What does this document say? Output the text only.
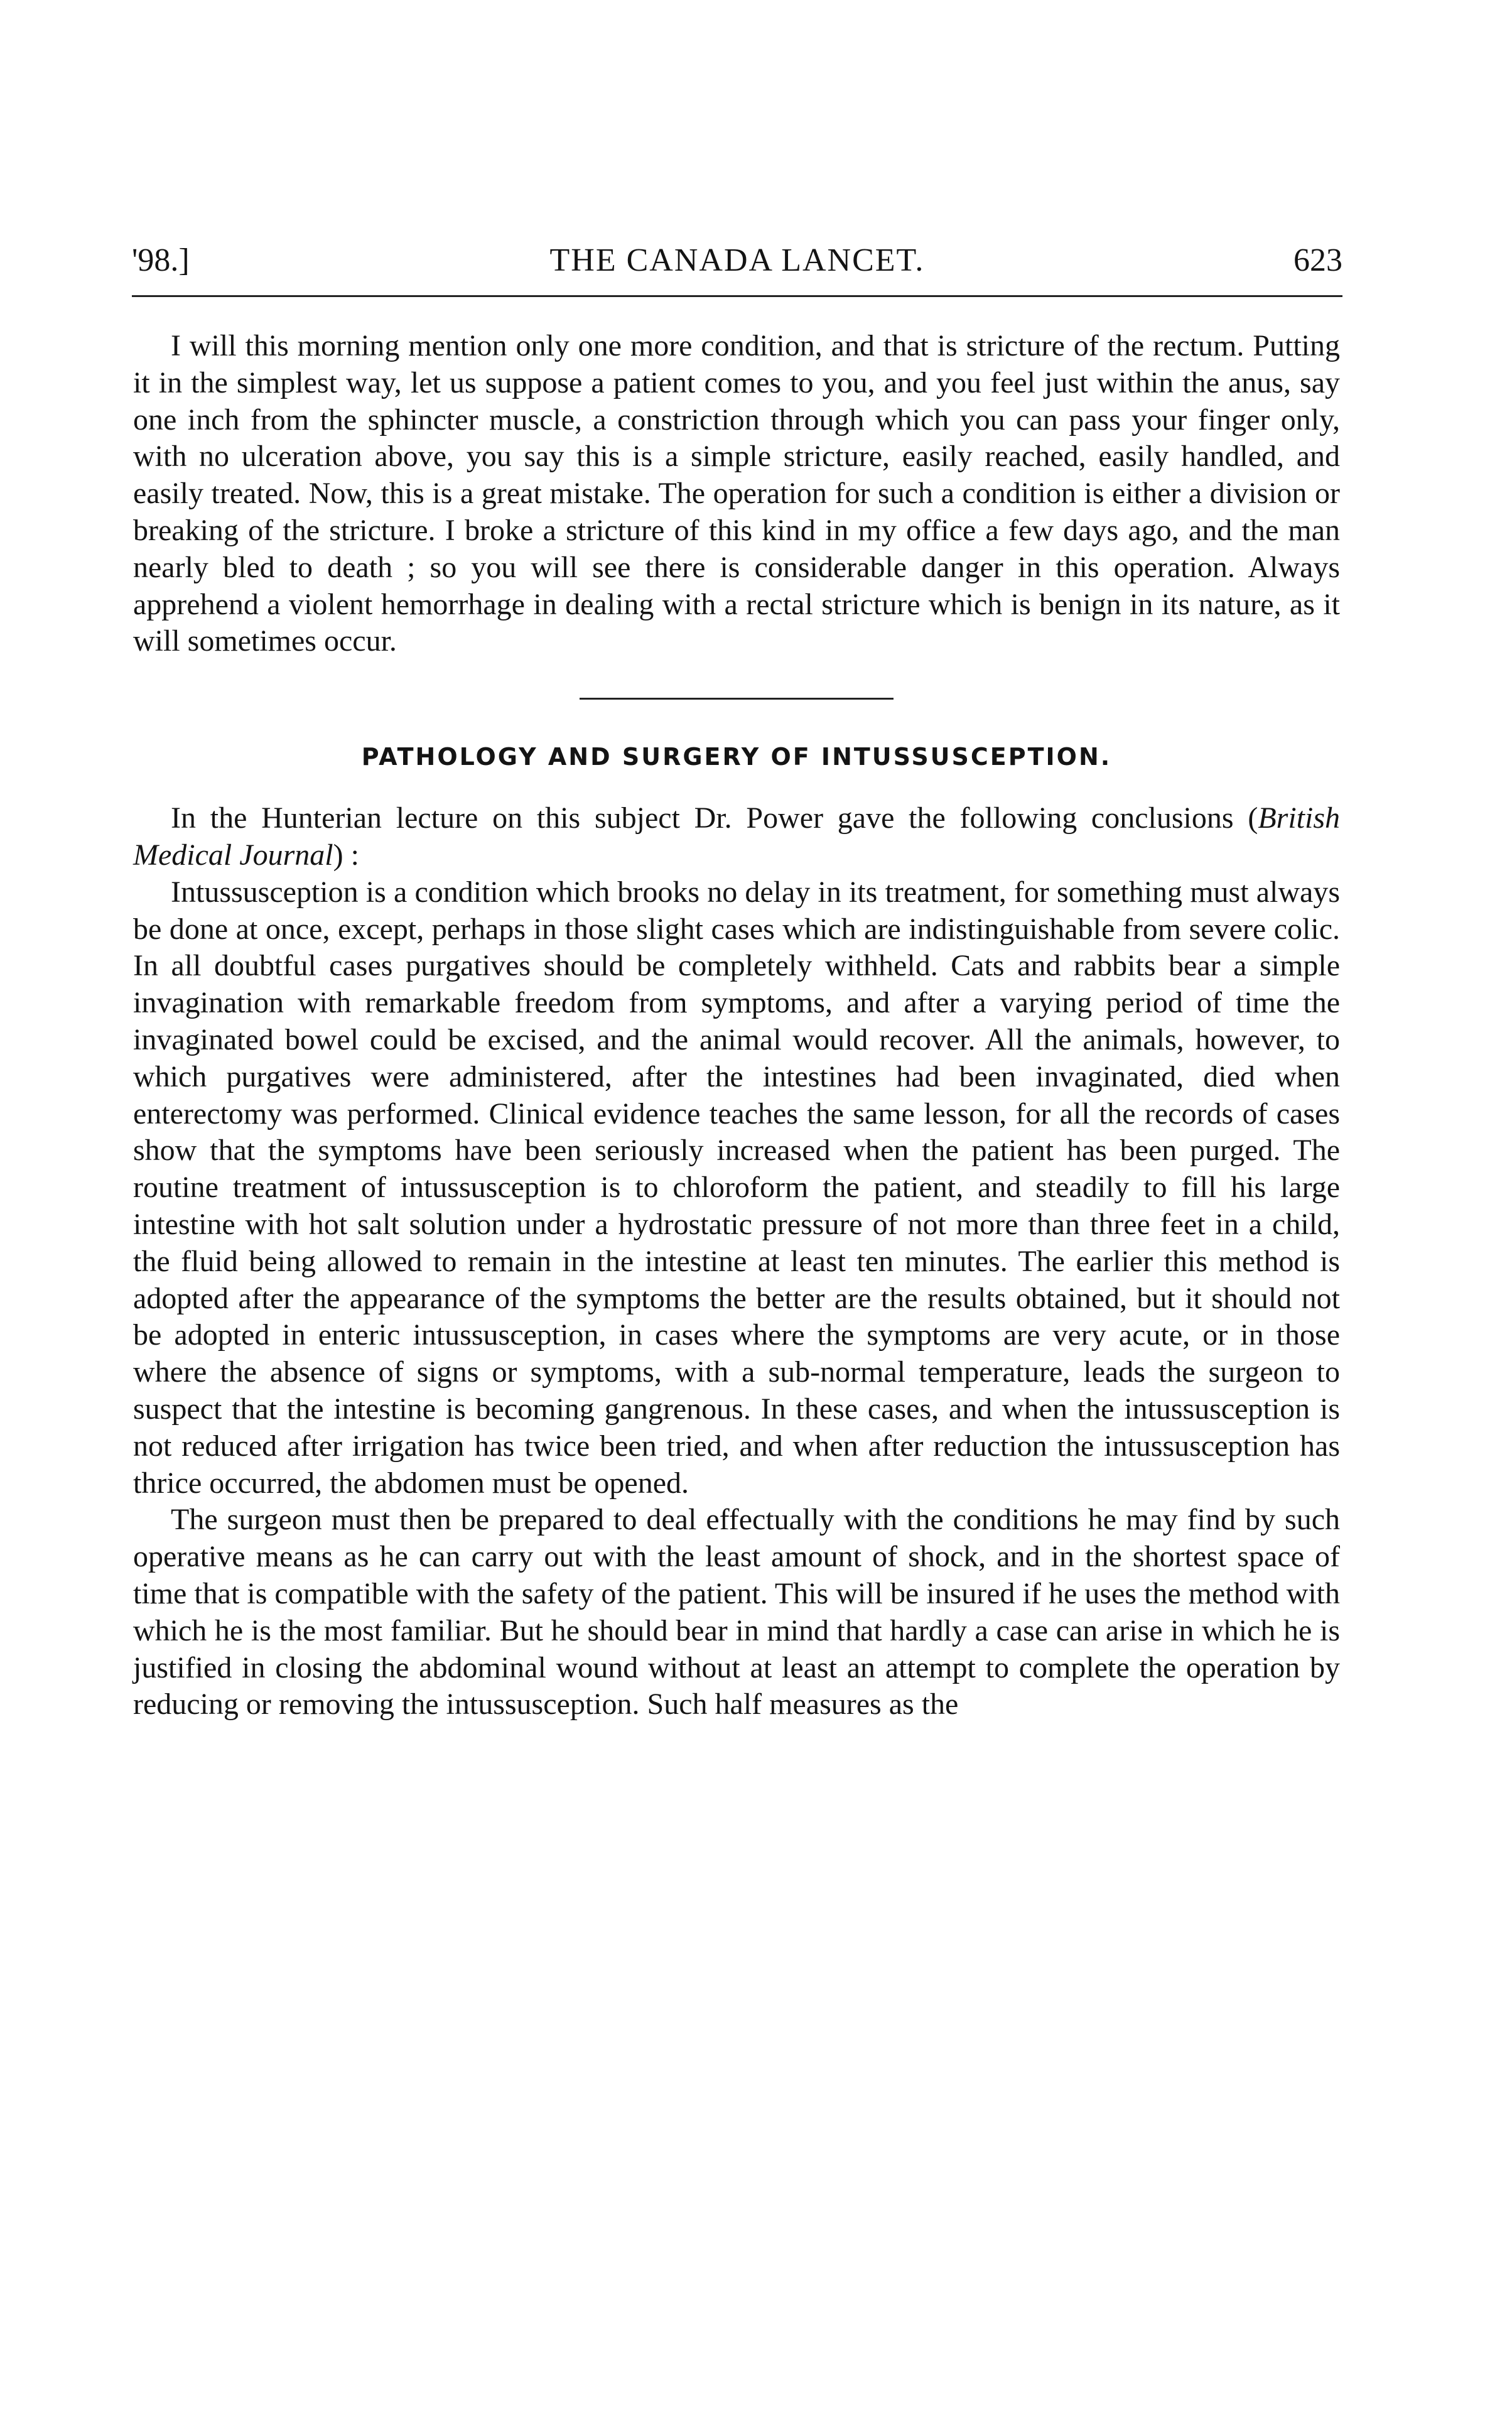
'98.]	THE CANADA LANCET.	623

I will this morning mention only one more condition, and that is stricture of the rectum. Putting it in the simplest way, let us suppose a patient comes to you, and you feel just within the anus, say one inch from the sphincter muscle, a constriction through which you can pass your finger only, with no ulceration above, you say this is a simple stricture, easily reached, easily handled, and easily treated. Now, this is a great mistake. The operation for such a condition is either a division or breaking of the stricture. I broke a stricture of this kind in my office a few days ago, and the man nearly bled to death ; so you will see there is considerable danger in this operation. Always apprehend a violent hemorrhage in dealing with a rectal stricture which is benign in its nature, as it will sometimes occur.

PATHOLOGY AND SURGERY OF INTUSSUSCEPTION.

In the Hunterian lecture on this subject Dr. Power gave the following conclusions (British Medical Journal) :

Intussusception is a condition which brooks no delay in its treatment, for something must always be done at once, except, perhaps in those slight cases which are indistinguishable from severe colic. In all doubtful cases purgatives should be completely withheld. Cats and rabbits bear a simple invagination with remarkable freedom from symptoms, and after a varying period of time the invaginated bowel could be excised, and the animal would recover. All the animals, however, to which purgatives were administered, after the intestines had been invaginated, died when enterectomy was performed. Clinical evidence teaches the same lesson, for all the records of cases show that the symptoms have been seriously increased when the patient has been purged. The routine treatment of intussusception is to chloroform the patient, and steadily to fill his large intestine with hot salt solution under a hydrostatic pressure of not more than three feet in a child, the fluid being allowed to remain in the intestine at least ten minutes. The earlier this method is adopted after the appearance of the symptoms the better are the results obtained, but it should not be adopted in enteric intussusception, in cases where the symptoms are very acute, or in those where the absence of signs or symptoms, with a sub-normal temperature, leads the surgeon to suspect that the intestine is becoming gangrenous. In these cases, and when the intussusception is not reduced after irrigation has twice been tried, and when after reduction the intussusception has thrice occurred, the abdomen must be opened.

The surgeon must then be prepared to deal effectually with the conditions he may find by such operative means as he can carry out with the least amount of shock, and in the shortest space of time that is compatible with the safety of the patient. This will be insured if he uses the method with which he is the most familiar. But he should bear in mind that hardly a case can arise in which he is justified in closing the abdominal wound without at least an attempt to complete the operation by reducing or removing the intussusception. Such half measures as the
